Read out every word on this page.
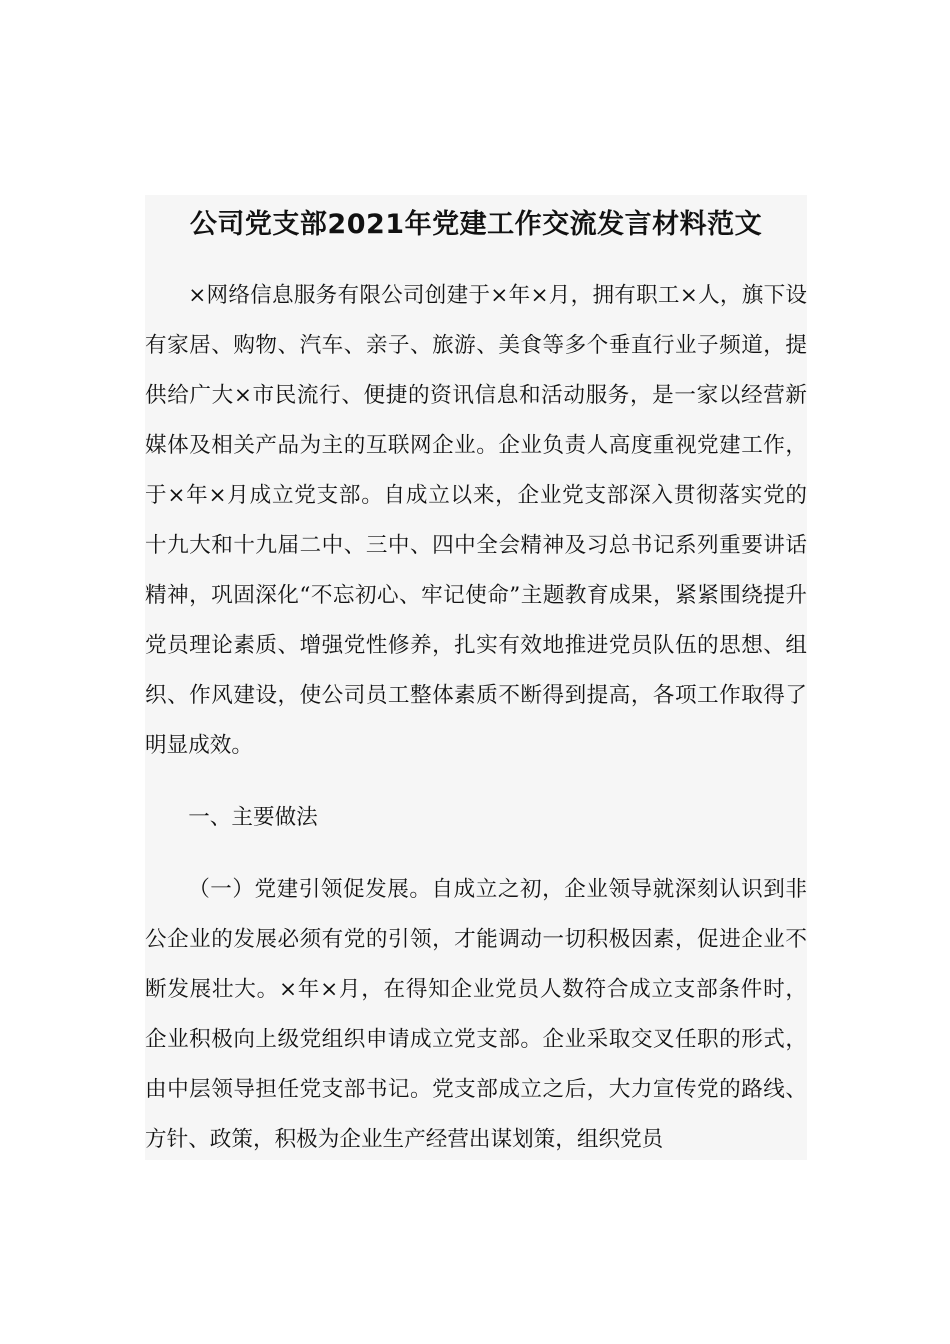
公司党支部2021年党建工作交流发言材料范文

×网络信息服务有限公司创建于×年×月，拥有职工×人，旗下设有家居、购物、汽车、亲子、旅游、美食等多个垂直行业子频道，提供给广大×市民流行、便捷的资讯信息和活动服务，是一家以经营新媒体及相关产品为主的互联网企业。企业负责人高度重视党建工作，于×年×月成立党支部。自成立以来，企业党支部深入贯彻落实党的十九大和十九届二中、三中、四中全会精神及习总书记系列重要讲话精神，巩固深化“不忘初心、牢记使命”主题教育成果，紧紧围绕提升党员理论素质、增强党性修养，扎实有效地推进党员队伍的思想、组织、作风建设，使公司员工整体素质不断得到提高，各项工作取得了明显成效。

一、主要做法

（一）党建引领促发展。自成立之初，企业领导就深刻认识到非公企业的发展必须有党的引领，才能调动一切积极因素，促进企业不断发展壮大。×年×月，在得知企业党员人数符合成立支部条件时，企业积极向上级党组织申请成立党支部。企业采取交叉任职的形式，由中层领导担任党支部书记。党支部成立之后，大力宣传党的路线、方针、政策，积极为企业生产经营出谋划策，组织党员
